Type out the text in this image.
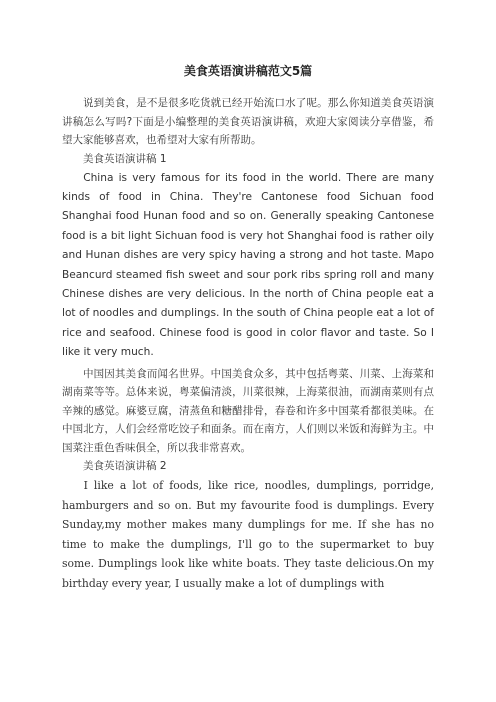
美食英语演讲稿范文5篇

说到美食，是不是很多吃货就已经开始流口水了呢。那么你知道美食英语演讲稿怎么写吗?下面是小编整理的美食英语演讲稿，欢迎大家阅读分享借鉴，希望大家能够喜欢，也希望对大家有所帮助。

美食英语演讲稿 1

China is very famous for its food in the world. There are many kinds of food in China. They're Cantonese food Sichuan food Shanghai food Hunan food and so on. Generally speaking Cantonese food is a bit light Sichuan food is very hot Shanghai food is rather oily and Hunan dishes are very spicy having a strong and hot taste. Mapo Beancurd steamed fish sweet and sour pork ribs spring roll and many Chinese dishes are very delicious. In the north of China people eat a lot of noodles and dumplings. In the south of China people eat a lot of rice and seafood. Chinese food is good in color flavor and taste. So I like it very much.

中国因其美食而闻名世界。中国美食众多，其中包括粤菜、川菜、上海菜和湖南菜等等。总体来说，粤菜偏清淡，川菜很辣，上海菜很油，而湖南菜则有点辛辣的感觉。麻婆豆腐，清蒸鱼和糖醋排骨，春卷和许多中国菜肴都很美味。在中国北方，人们会经常吃饺子和面条。而在南方，人们则以米饭和海鲜为主。中国菜注重色香味俱全，所以我非常喜欢。

美食英语演讲稿 2

I like a lot of foods, like rice, noodles, dumplings, porridge, hamburgers and so on. But my favourite food is dumplings. Every Sunday,my mother makes many dumplings for me. If she has no time to make the dumplings, I'll go to the supermarket to buy some. Dumplings look like white boats. They taste delicious.On my birthday every year, I usually make a lot of dumplings with
